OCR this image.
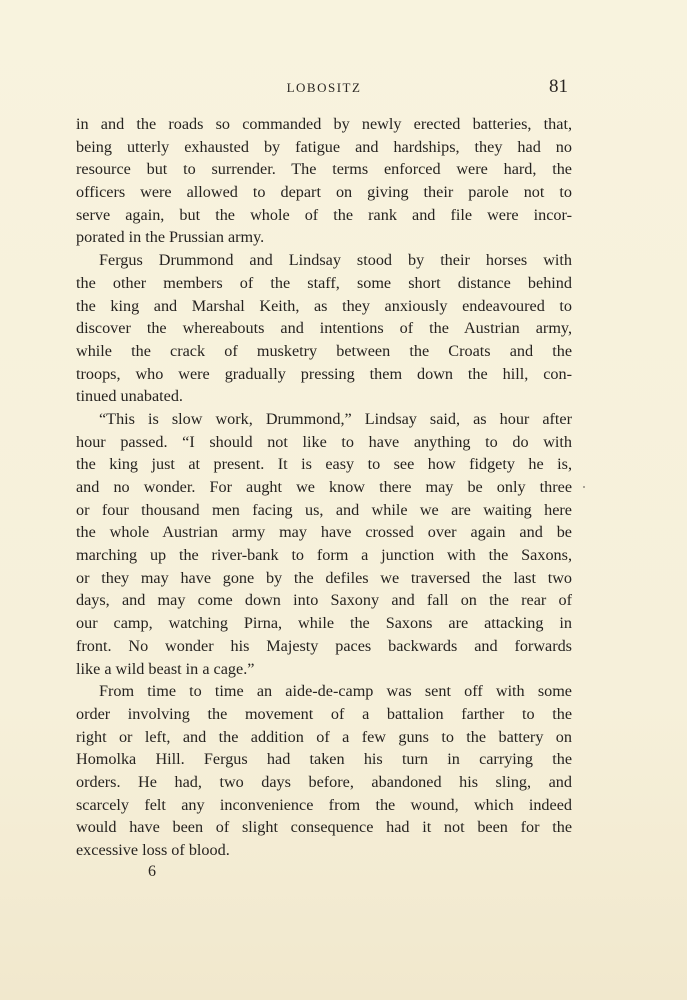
LOBOSITZ	81
in and the roads so commanded by newly erected batteries, that,
being utterly exhausted by fatigue and hardships, they had no
resource but to surrender. The terms enforced were hard, the
officers were allowed to depart on giving their parole not to
serve again, but the whole of the rank and file were incor-
porated in the Prussian army.
Fergus Drummond and Lindsay stood by their horses with
the other members of the staff, some short distance behind
the king and Marshal Keith, as they anxiously endeavoured to
discover the whereabouts and intentions of the Austrian army,
while the crack of musketry between the Croats and the
troops, who were gradually pressing them down the hill, con-
tinued unabated.
“This is slow work, Drummond,” Lindsay said, as hour after
hour passed. “I should not like to have anything to do with
the king just at present. It is easy to see how fidgety he is,
and no wonder. For aught we know there may be only three
or four thousand men facing us, and while we are waiting here
the whole Austrian army may have crossed over again and be
marching up the river-bank to form a junction with the Saxons,
or they may have gone by the defiles we traversed the last two
days, and may come down into Saxony and fall on the rear of
our camp, watching Pirna, while the Saxons are attacking in
front. No wonder his Majesty paces backwards and forwards
like a wild beast in a cage.”
From time to time an aide-de-camp was sent off with some
order involving the movement of a battalion farther to the
right or left, and the addition of a few guns to the battery on
Homolka Hill. Fergus had taken his turn in carrying the
orders. He had, two days before, abandoned his sling, and
scarcely felt any inconvenience from the wound, which indeed
would have been of slight consequence had it not been for the
excessive loss of blood.
6
